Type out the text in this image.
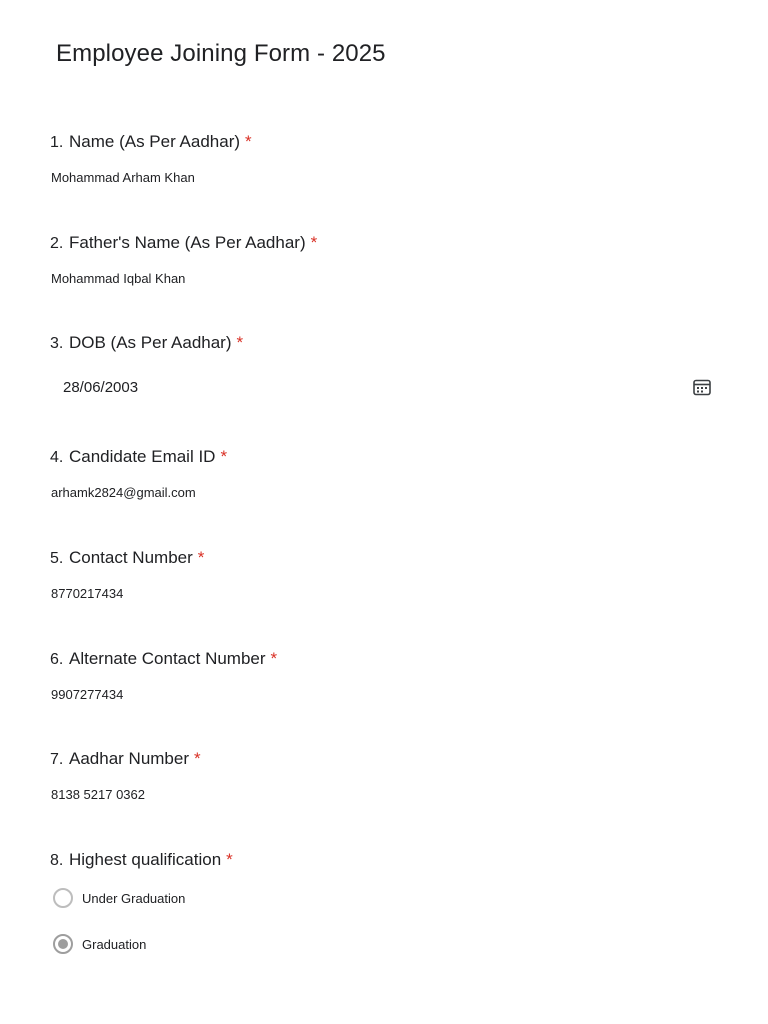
Employee Joining Form - 2025
1. Name (As Per Aadhar) *
Mohammad Arham Khan
2. Father's Name (As Per Aadhar) *
Mohammad Iqbal Khan
3. DOB (As Per Aadhar) *
28/06/2003
4. Candidate Email ID *
arhamk2824@gmail.com
5. Contact Number *
8770217434
6. Alternate Contact Number *
9907277434
7. Aadhar Number *
8138 5217 0362
8. Highest qualification *
Under Graduation
Graduation
